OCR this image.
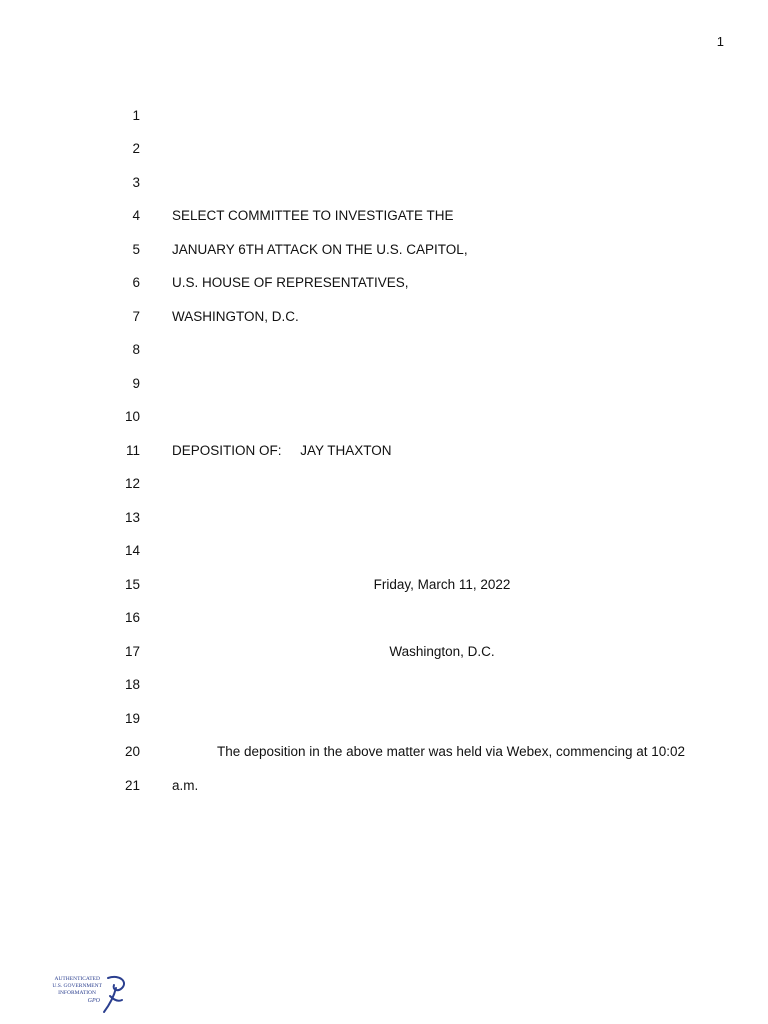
1
1
2
3
4 SELECT COMMITTEE TO INVESTIGATE THE
5 JANUARY 6TH ATTACK ON THE U.S. CAPITOL,
6 U.S. HOUSE OF REPRESENTATIVES,
7 WASHINGTON, D.C.
8
9
10
11 DEPOSITION OF:     JAY THAXTON
12
13
14
15	Friday, March 11, 2022
16
17	Washington, D.C.
18
19
20	The deposition in the above matter was held via Webex, commencing at 10:02
21 a.m.
AUTHENTICATED
U.S. GOVERNMENT
INFORMATION
GPO
